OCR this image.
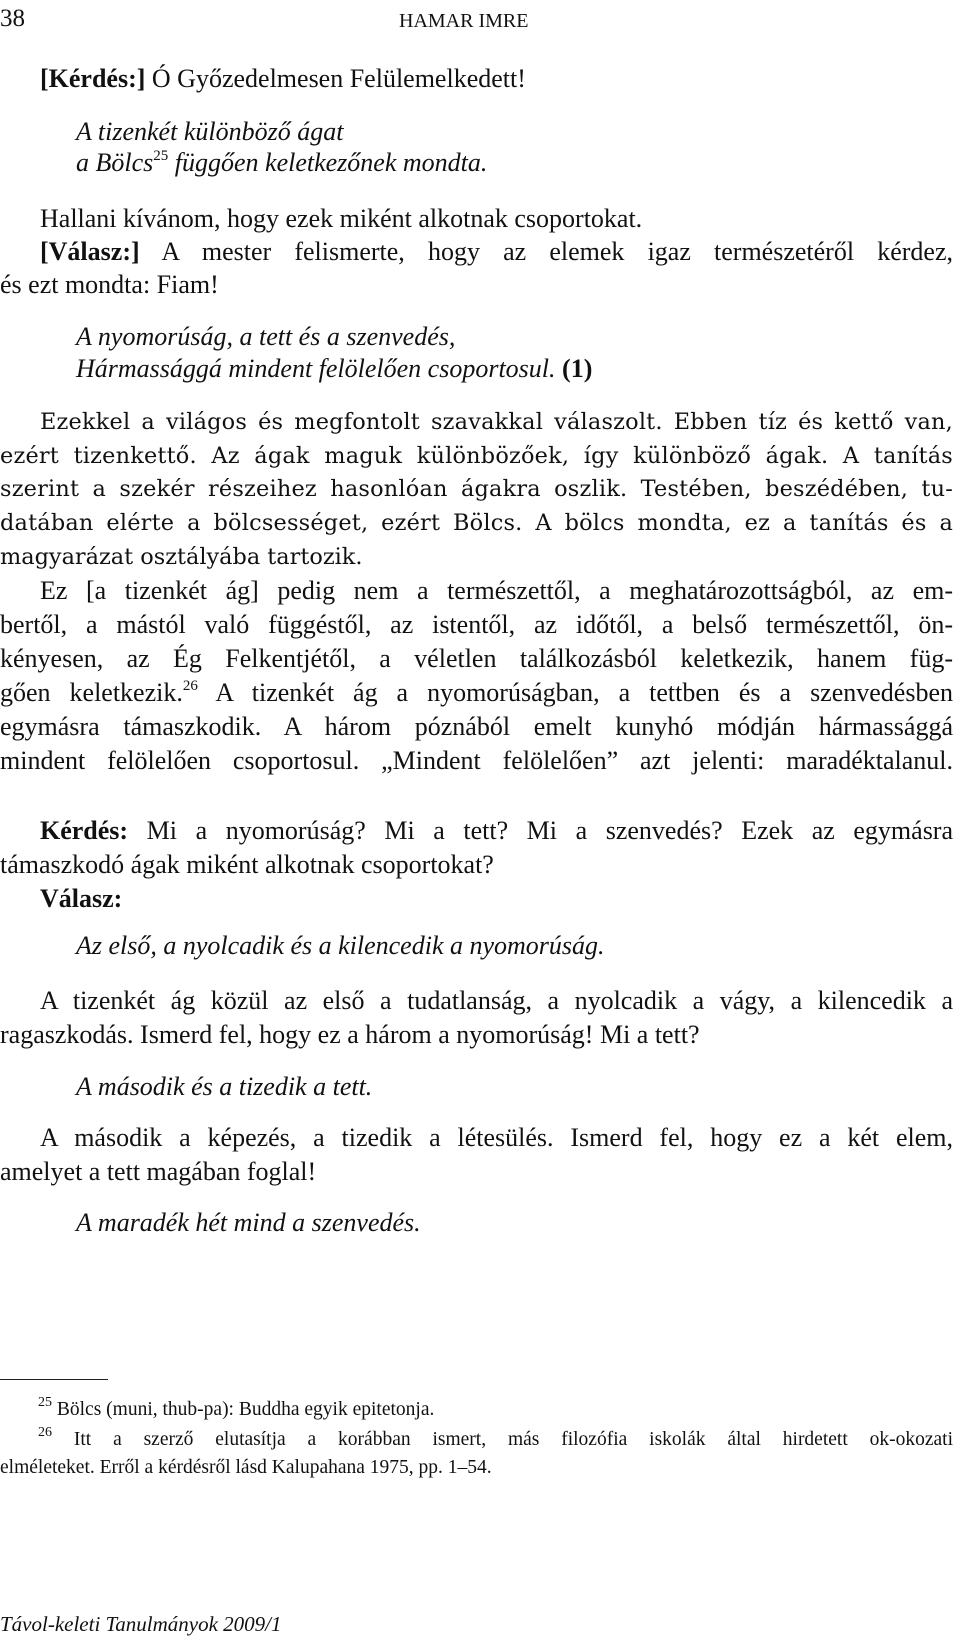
38	HAMAR IMRE
[Kérdés:] Ó Győzedelmesen Felülemelkedett!
A tizenkét különböző ágat
a Bölcs$^{25}$ függően keletkezőnek mondta.
Hallani kívánom, hogy ezek miként alkotnak csoportokat.
[Válasz:] A mester felismerte, hogy az elemek igaz természetéről kérdez,
és ezt mondta: Fiam!
A nyomorúság, a tett és a szenvedés,
Hármassággá mindent felölelően csoportosul. (1)
Ezekkel a világos és megfontolt szavakkal válaszolt. Ebben tíz és kettő van,
ezért tizenkettő. Az ágak maguk különbözőek, így különböző ágak. A tanítás
szerint a szekér részeihez hasonlóan ágakra oszlik. Testében, beszédében, tu-
datában elérte a bölcsességet, ezért Bölcs. A bölcs mondta, ez a tanítás és a
magyarázat osztályába tartozik.
Ez [a tizenkét ág] pedig nem a természettől, a meghatározottságból, az em-
bertől, a mástól való függéstől, az istentől, az időtől, a belső természettől, ön-
kényesen, az Ég Felkentjétől, a véletlen találkozásból keletkezik, hanem füg-
gően keletkezik.$^{26}$ A tizenkét ág a nyomorúságban, a tettben és a szenvedésben
egymásra támaszkodik. A három póznából emelt kunyhó módján hármassággá
mindent felölelően csoportosul. „Mindent felölelően” azt jelenti: maradéktalanul.
Kérdés: Mi a nyomorúság? Mi a tett? Mi a szenvedés? Ezek az egymásra
támaszkodó ágak miként alkotnak csoportokat?
Válasz:
Az első, a nyolcadik és a kilencedik a nyomorúság.
A tizenkét ág közül az első a tudatlanság, a nyolcadik a vágy, a kilencedik a
ragaszkodás. Ismerd fel, hogy ez a három a nyomorúság! Mi a tett?
A második és a tizedik a tett.
A második a képezés, a tizedik a létesülés. Ismerd fel, hogy ez a két elem,
amelyet a tett magában foglal!
A maradék hét mind a szenvedés.
$^{25}$ Bölcs (muni, thub-pa): Buddha egyik epitetonja.
$^{26}$ Itt a szerző elutasítja a korábban ismert, más filozófia iskolák által hirdetett ok-okozati
elméleteket. Erről a kérdésről lásd Kalupahana 1975, pp. 1–54.
Távol-keleti Tanulmányok 2009/1
